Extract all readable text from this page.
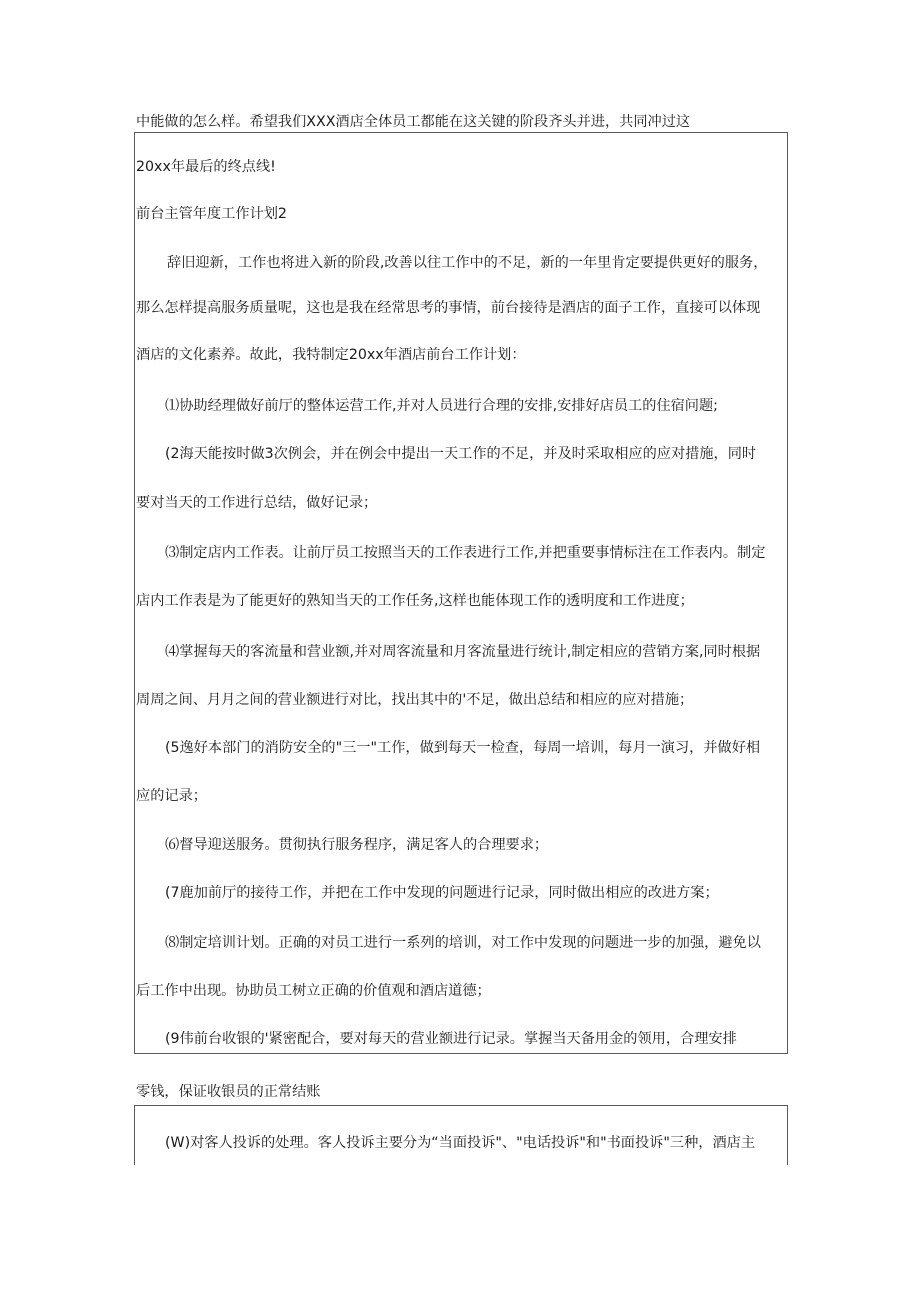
中能做的怎么样。希望我们XXX酒店全体员工都能在这关键的阶段齐头并进，共同冲过这
20xx年最后的终点线!
前台主管年度工作计划2
辞旧迎新，工作也将进入新的阶段,改善以往工作中的不足，新的一年里肯定要提供更好的服务，
那么怎样提高服务质量呢，这也是我在经常思考的事情，前台接待是酒店的面子工作，直接可以体现
酒店的文化素养。故此，我特制定20xx年酒店前台工作计划：
⑴协助经理做好前厅的整体运营工作,并对人员进行合理的安排,安排好店员工的住宿问题;
(2海天能按时做3次例会，并在例会中提出一天工作的不足，并及时采取相应的应对措施，同时
要对当天的工作进行总结，做好记录；
⑶制定店内工作表。让前厅员工按照当天的工作表进行工作,并把重要事情标注在工作表内。制定
店内工作表是为了能更好的熟知当天的工作任务,这样也能体现工作的透明度和工作进度；
⑷掌握每天的客流量和营业额,并对周客流量和月客流量进行统计,制定相应的营销方案,同时根据
周周之间、月月之间的营业额进行对比，找出其中的'不足，做出总结和相应的应对措施；
(5逸好本部门的消防安全的"三一"工作，做到每天一检查，每周一培训，每月一演习，并做好相
应的记录；
⑹督导迎送服务。贯彻执行服务程序，满足客人的合理要求；
(7鹿加前厅的接待工作，并把在工作中发现的问题进行记录，同时做出相应的改进方案；
⑻制定培训计划。正确的对员工进行一系列的培训，对工作中发现的问题进一步的加强，避免以
后工作中出现。协助员工树立正确的价值观和酒店道德；
(9伟前台收银的'紧密配合，要对每天的营业额进行记录。掌握当天备用金的领用，合理安排
零钱，保证收银员的正常结账
(W)对客人投诉的处理。客人投诉主要分为“当面投诉"、"电话投诉"和"书面投诉"三种，酒店主
